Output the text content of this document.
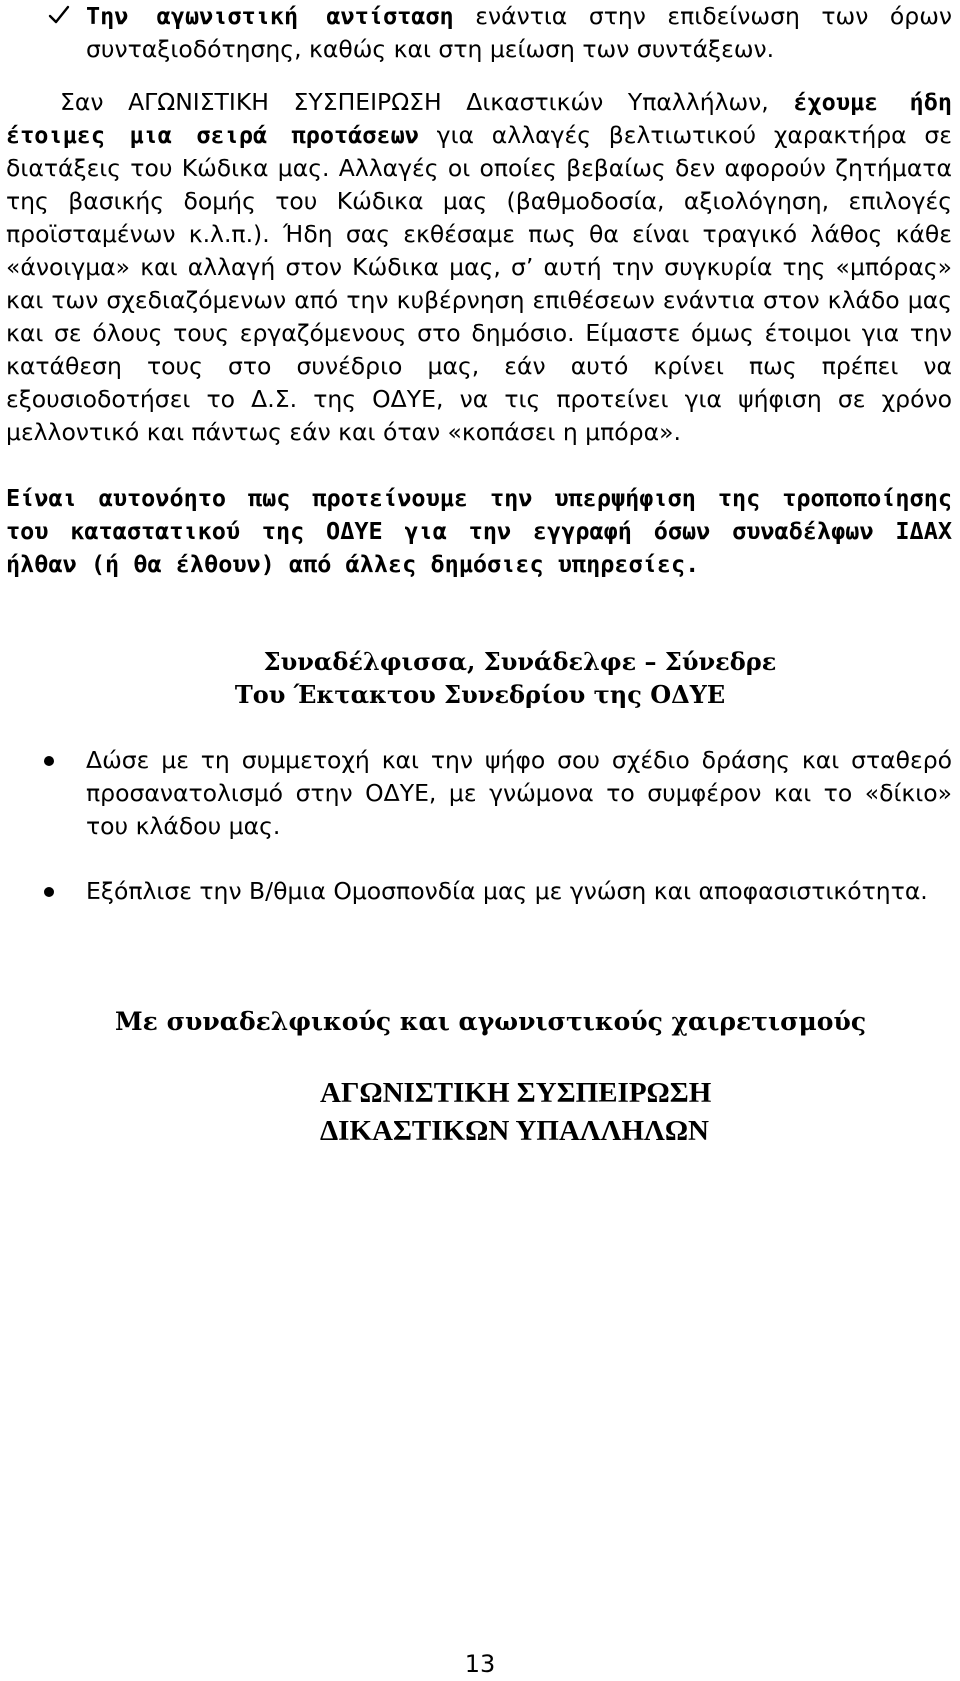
Την αγωνιστική αντίσταση ενάντια στην επιδείνωση των όρων συνταξιοδότησης, καθώς και στη μείωση των συντάξεων.

Σαν ΑΓΩΝΙΣΤΙΚΗ ΣΥΣΠΕΙΡΩΣΗ Δικαστικών Υπαλλήλων, έχουμε ήδη έτοιμες μια σειρά προτάσεων για αλλαγές βελτιωτικού χαρακτήρα σε διατάξεις του Κώδικα μας. Αλλαγές οι οποίες βεβαίως δεν αφορούν ζητήματα της βασικής δομής του Κώδικα μας (βαθμοδοσία, αξιολόγηση, επιλογές προϊσταμένων κ.λ.π.). Ήδη σας εκθέσαμε πως θα είναι τραγικό λάθος κάθε «άνοιγμα» και αλλαγή στον Κώδικα μας, σ’ αυτή την συγκυρία της «μπόρας» και των σχεδιαζόμενων από την κυβέρνηση επιθέσεων ενάντια στον κλάδο μας και σε όλους τους εργαζόμενους στο δημόσιο. Είμαστε όμως έτοιμοι για την κατάθεση τους στο συνέδριο μας, εάν αυτό κρίνει πως πρέπει να εξουσιοδοτήσει το Δ.Σ. της ΟΔΥΕ, να τις προτείνει για ψήφιση σε χρόνο μελλοντικό και πάντως εάν και όταν «κοπάσει η μπόρα».

Είναι αυτονόητο πως προτείνουμε την υπερψήφιση της τροποποίησης του καταστατικού της ΟΔΥΕ για την εγγραφή όσων συναδέλφων ΙΔΑΧ ήλθαν (ή θα έλθουν) από άλλες δημόσιες υπηρεσίες.

Συναδέλφισσα, Συνάδελφε – Σύνεδρε
Του Έκτακτου Συνεδρίου της ΟΔΥΕ

Δώσε με τη συμμετοχή και την ψήφο σου σχέδιο δράσης και σταθερό προσανατολισμό στην ΟΔΥΕ, με γνώμονα το συμφέρον και το «δίκιο» του κλάδου μας.

Εξόπλισε την Β/θμια Ομοσπονδία μας με γνώση και αποφασιστικότητα.

Με συναδελφικούς και αγωνιστικούς χαιρετισμούς
ΑΓΩΝΙΣΤΙΚΗ ΣΥΣΠΕΙΡΩΣΗ
ΔΙΚΑΣΤΙΚΩΝ ΥΠΑΛΛΗΛΩΝ
13
